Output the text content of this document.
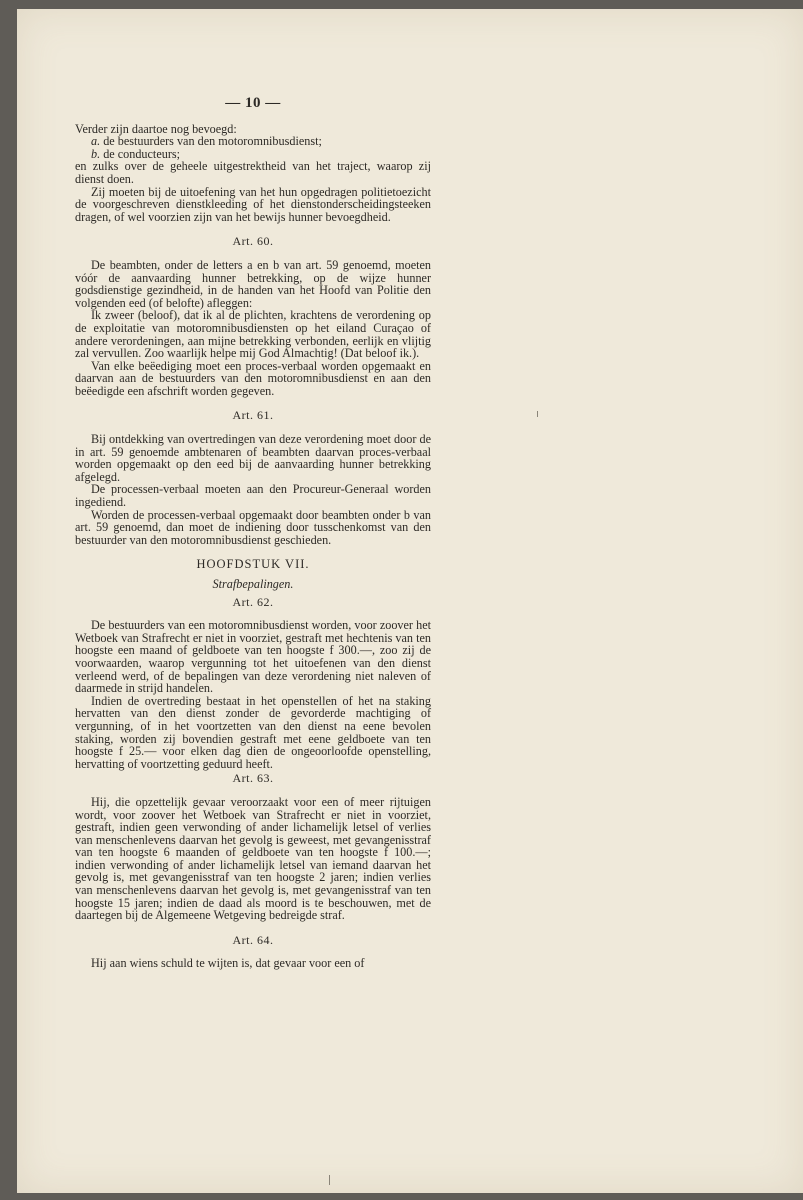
— 10 —

Verder zijn daartoe nog bevoegd:

a. de bestuurders van den motoromnibusdienst;
b. de conducteurs;

en zulks over de geheele uitgestrektheid van het traject, waarop zij dienst doen.

Zij moeten bij de uitoefening van het hun opgedragen politietoezicht de voorgeschreven dienstkleeding of het dienstonderscheidingsteeken dragen, of wel voorzien zijn van het bewijs hunner bevoegdheid.

Art. 60.

De beambten, onder de letters a en b van art. 59 genoemd, moeten vóór de aanvaarding hunner betrekking, op de wijze hunner godsdienstige gezindheid, in de handen van het Hoofd van Politie den volgenden eed (of belofte) afleggen:

Ik zweer (beloof), dat ik al de plichten, krachtens de verordening op de exploitatie van motoromnibusdiensten op het eiland Curaçao of andere verordeningen, aan mijne betrekking verbonden, eerlijk en vlijtig zal vervullen. Zoo waarlijk helpe mij God Almachtig! (Dat beloof ik.).

Van elke beëediging moet een proces-verbaal worden opgemaakt en daarvan aan de bestuurders van den motoromnibusdienst en aan den beëedigde een afschrift worden gegeven.

Art. 61.

Bij ontdekking van overtredingen van deze verordening moet door de in art. 59 genoemde ambtenaren of beambten daarvan proces-verbaal worden opgemaakt op den eed bij de aanvaarding hunner betrekking afgelegd.

De processen-verbaal moeten aan den Procureur-Generaal worden ingediend.

Worden de processen-verbaal opgemaakt door beambten onder b van art. 59 genoemd, dan moet de indiening door tusschenkomst van den bestuurder van den motoromnibusdienst geschieden.

HOOFDSTUK VII.
Strafbepalingen.
Art. 62.

De bestuurders van een motoromnibusdienst worden, voor zoover het Wetboek van Strafrecht er niet in voorziet, gestraft met hechtenis van ten hoogste een maand of geldboete van ten hoogste f 300.—, zoo zij de voorwaarden, waarop vergunning tot het uitoefenen van den dienst verleend werd, of de bepalingen van deze verordening niet naleven of daarmede in strijd handelen.

Indien de overtreding bestaat in het openstellen of het na staking hervatten van den dienst zonder de gevorderde machtiging of vergunning, of in het voortzetten van den dienst na eene bevolen staking, worden zij bovendien gestraft met eene geldboete van ten hoogste f 25.— voor elken dag dien de ongeoorloofde openstelling, hervatting of voortzetting geduurd heeft.

Art. 63.

Hij, die opzettelijk gevaar veroorzaakt voor een of meer rijtuigen wordt, voor zoover het Wetboek van Strafrecht er niet in voorziet, gestraft, indien geen verwonding of ander lichamelijk letsel of verlies van menschenlevens daarvan het gevolg is geweest, met gevangenisstraf van ten hoogste 6 maanden of geldboete van ten hoogste f 100.—; indien verwonding of ander lichamelijk letsel van iemand daarvan het gevolg is, met gevangenisstraf van ten hoogste 2 jaren; indien verlies van menschenlevens daarvan het gevolg is, met gevangenisstraf van ten hoogste 15 jaren; indien de daad als moord is te beschouwen, met de daartegen bij de Algemeene Wetgeving bedreigde straf.

Art. 64.

Hij aan wiens schuld te wijten is, dat gevaar voor een of
